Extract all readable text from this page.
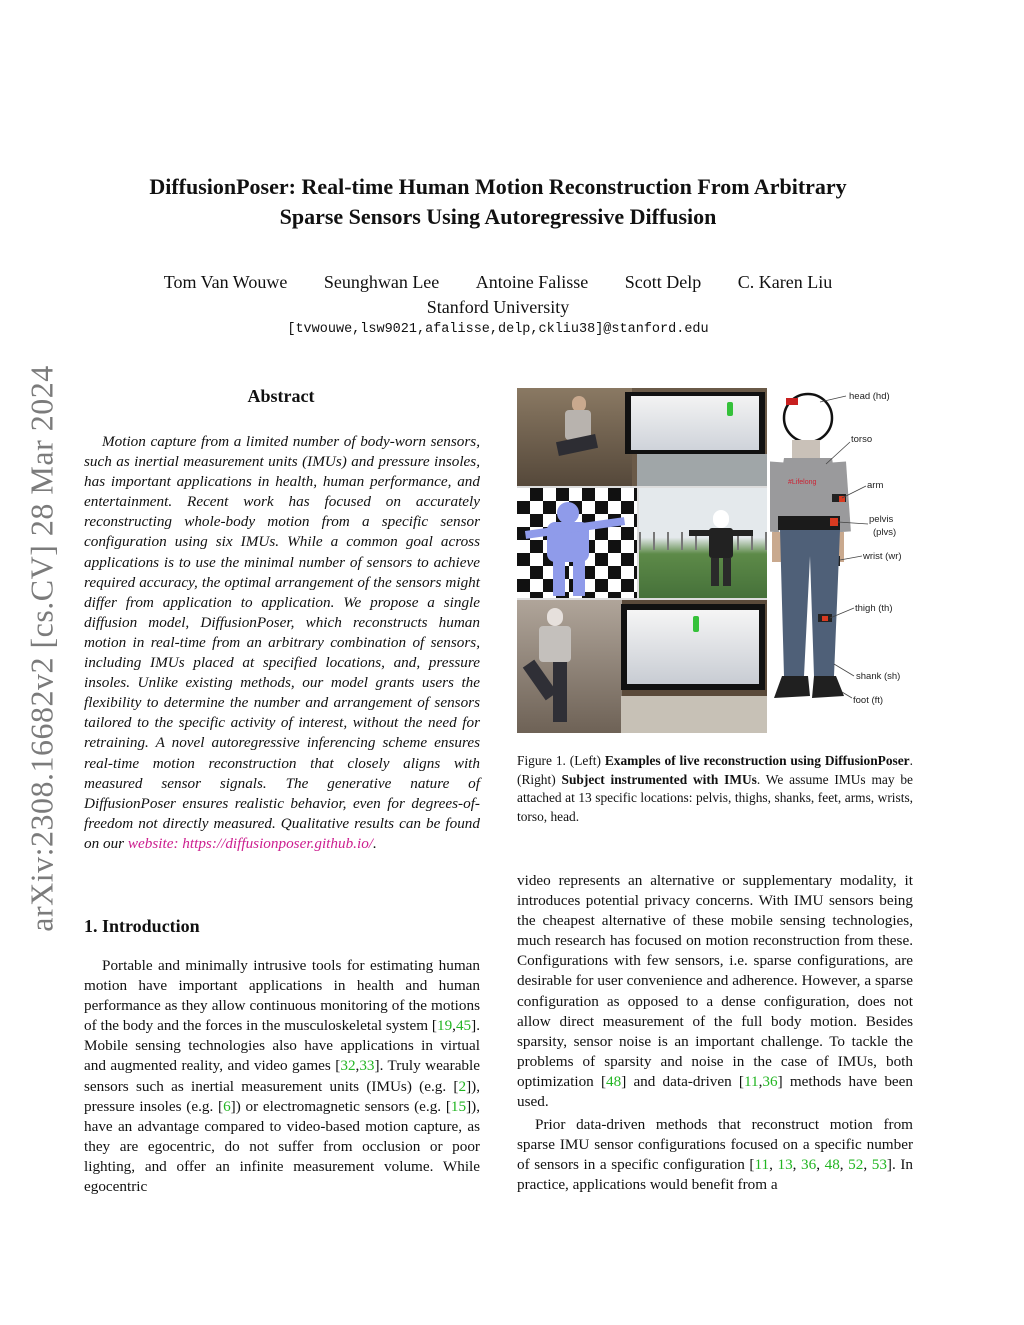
DiffusionPoser: Real-time Human Motion Reconstruction From Arbitrary
Sparse Sensors Using Autoregressive Diffusion
Tom Van Wouwe Seunghwan Lee Antoine Falisse Scott Delp C. Karen Liu
Stanford University
[tvwouwe,lsw9021,afalisse,delp,ckliu38]@stanford.edu
arXiv:2308.16682v2 [cs.CV] 28 Mar 2024	Abstract
Motion capture from a limited number of body-worn sensors, such as inertial measurement units (IMUs) and pressure insoles, has important applications in health, human performance, and entertainment. Recent work has focused on accurately reconstructing whole-body motion from a specific sensor configuration using six IMUs. While a common goal across applications is to use the minimal number of sensors to achieve required accuracy, the optimal arrangement of the sensors might differ from application to application. We propose a single diffusion model, DiffusionPoser, which reconstructs human motion in real-time from an arbitrary combination of sensors, including IMUs placed at specified locations, and, pressure insoles. Unlike existing methods, our model grants users the flexibility to determine the number and arrangement of sensors tailored to the specific activity of interest, without the need for retraining. A novel autoregressive inferencing scheme ensures real-time motion reconstruction that closely aligns with measured sensor signals. The generative nature of DiffusionPoser ensures realistic behavior, even for degrees-of-freedom not directly measured. Qualitative results can be found on our website: https://diffusionposer.github.io/.
1. Introduction
Portable and minimally intrusive tools for estimating human motion have important applications in health and human performance as they allow continuous monitoring of the motions of the body and the forces in the musculoskeletal system [19,45]. Mobile sensing technologies also have applications in virtual and augmented reality, and video games [32,33]. Truly wearable sensors such as inertial measurement units (IMUs) (e.g. [2]), pressure insoles (e.g. [6]) or electromagnetic sensors (e.g. [15]), have an advantage compared to video-based motion capture, as they are egocentric, do not suffer from occlusion or poor lighting, and offer an infinite measurement volume. While egocentric
head (hd)
torso
arm
pelvis
(plvs)
wrist (wr)
thigh (th)
shank (sh)
foot (ft)
#Lifelong
Figure 1. (Left) Examples of live reconstruction using DiffusionPoser. (Right) Subject instrumented with IMUs. We assume IMUs may be attached at 13 specific locations: pelvis, thighs, shanks, feet, arms, wrists, torso, head.
video represents an alternative or supplementary modality, it introduces potential privacy concerns. With IMU sensors being the cheapest alternative of these mobile sensing technologies, much research has focused on motion reconstruction from these. Configurations with few sensors, i.e. sparse configurations, are desirable for user convenience and adherence. However, a sparse configuration as opposed to a dense configuration, does not allow direct measurement of the full body motion. Besides sparsity, sensor noise is an important challenge. To tackle the problems of sparsity and noise in the case of IMUs, both optimization [48] and data-driven [11,36] methods have been used.
Prior data-driven methods that reconstruct motion from sparse IMU sensor configurations focused on a specific number of sensors in a specific configuration [11, 13, 36, 48, 52, 53]. In practice, applications would benefit from a
